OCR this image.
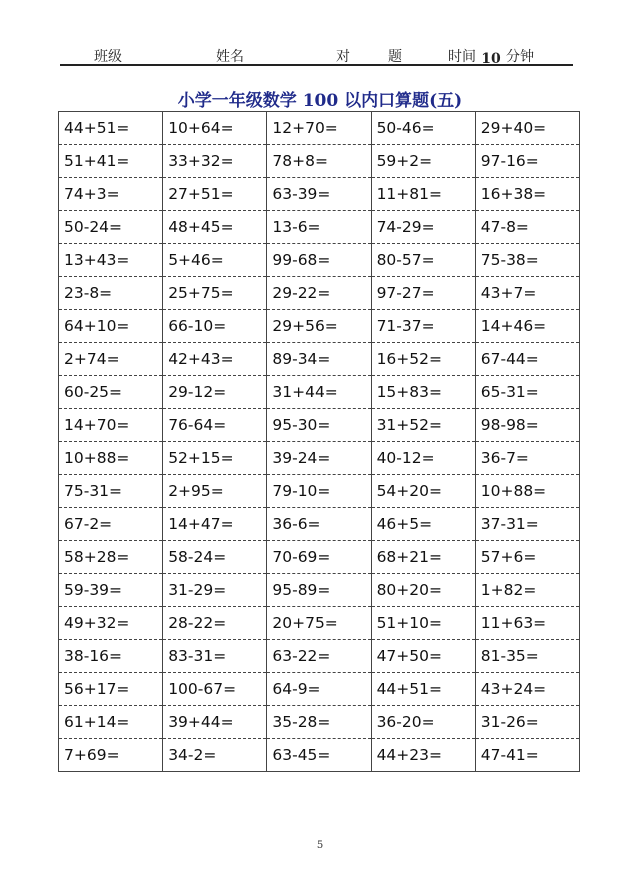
班级	姓名	对	题	时间 10 分钟
小学一年级数学 100 以内口算题(五)
44+51=	10+64=	12+70=	50-46=	29+40=
51+41=	33+32=	78+8=	59+2=	97-16=
74+3=	27+51=	63-39=	11+81=	16+38=
50-24=	48+45=	13-6=	74-29=	47-8=
13+43=	5+46=	99-68=	80-57=	75-38=
23-8=	25+75=	29-22=	97-27=	43+7=
64+10=	66-10=	29+56=	71-37=	14+46=
2+74=	42+43=	89-34=	16+52=	67-44=
60-25=	29-12=	31+44=	15+83=	65-31=
14+70=	76-64=	95-30=	31+52=	98-98=
10+88=	52+15=	39-24=	40-12=	36-7=
75-31=	2+95=	79-10=	54+20=	10+88=
67-2=	14+47=	36-6=	46+5=	37-31=
58+28=	58-24=	70-69=	68+21=	57+6=
59-39=	31-29=	95-89=	80+20=	1+82=
49+32=	28-22=	20+75=	51+10=	11+63=
38-16=	83-31=	63-22=	47+50=	81-35=
56+17=	100-67=	64-9=	44+51=	43+24=
61+14=	39+44=	35-28=	36-20=	31-26=
7+69=	34-2=	63-45=	44+23=	47-41=
5
